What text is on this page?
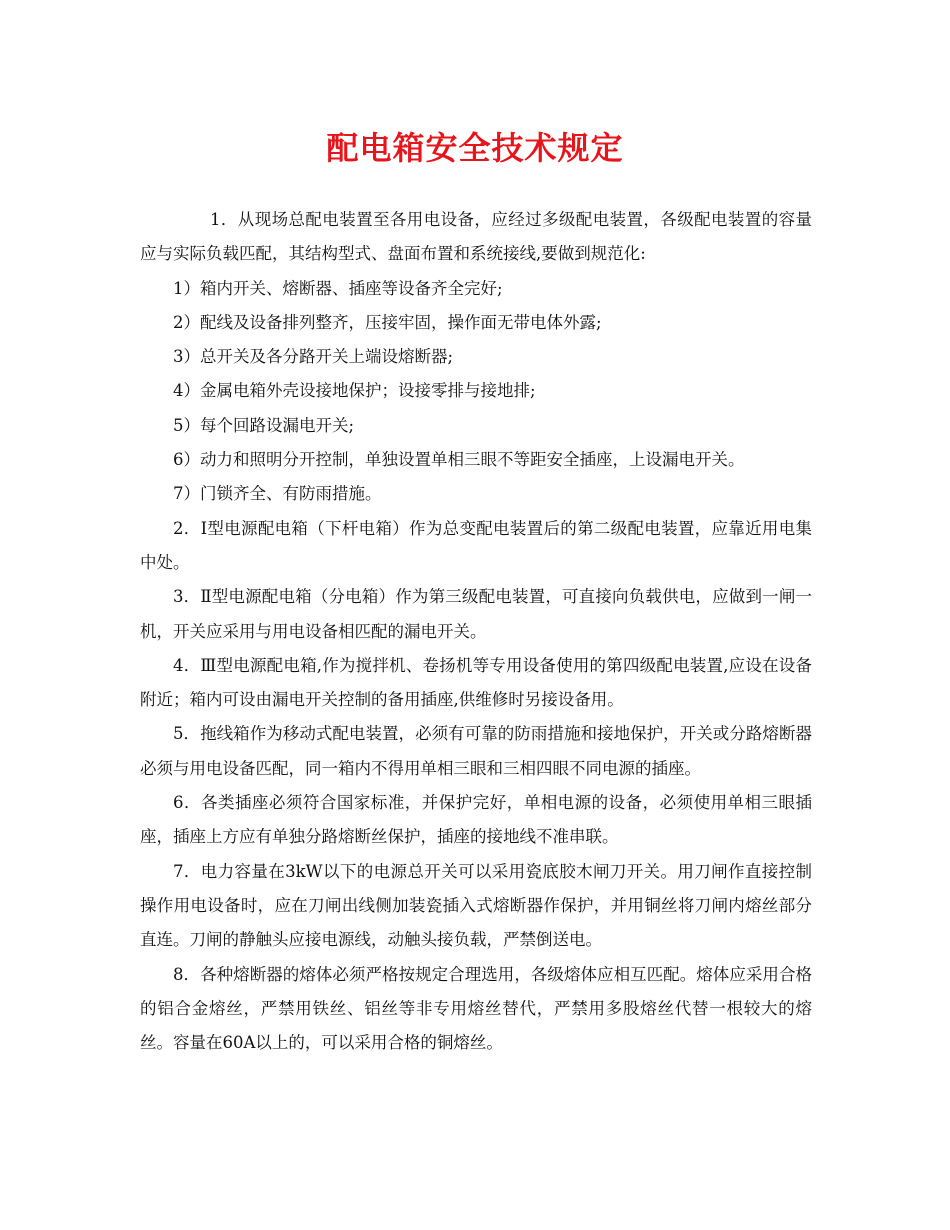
配电箱安全技术规定

1．从现场总配电装置至各用电设备，应经过多级配电装置，各级配电装置的容量应与实际负载匹配，其结构型式、盘面布置和系统接线,要做到规范化:

1）箱内开关、熔断器、插座等设备齐全完好;

2）配线及设备排列整齐，压接牢固，操作面无带电体外露;

3）总开关及各分路开关上端设熔断器;

4）金属电箱外壳设接地保护；设接零排与接地排;

5）每个回路设漏电开关;

6）动力和照明分开控制，单独设置单相三眼不等距安全插座，上设漏电开关。

7）门锁齐全、有防雨措施。

2．Ⅰ型电源配电箱（下杆电箱）作为总变配电装置后的第二级配电装置，应靠近用电集中处。

3．Ⅱ型电源配电箱（分电箱）作为第三级配电装置，可直接向负载供电，应做到一闸一机，开关应采用与用电设备相匹配的漏电开关。

4．Ⅲ型电源配电箱,作为搅拌机、卷扬机等专用设备使用的第四级配电装置,应设在设备附近；箱内可设由漏电开关控制的备用插座,供维修时另接设备用。

5．拖线箱作为移动式配电装置，必须有可靠的防雨措施和接地保护，开关或分路熔断器必须与用电设备匹配，同一箱内不得用单相三眼和三相四眼不同电源的插座。

6．各类插座必须符合国家标准，并保护完好，单相电源的设备，必须使用单相三眼插座，插座上方应有单独分路熔断丝保护，插座的接地线不准串联。

7．电力容量在3kW以下的电源总开关可以采用瓷底胶木闸刀开关。用刀闸作直接控制操作用电设备时，应在刀闸出线侧加装瓷插入式熔断器作保护，并用铜丝将刀闸内熔丝部分直连。刀闸的静触头应接电源线，动触头接负载，严禁倒送电。

8．各种熔断器的熔体必须严格按规定合理选用，各级熔体应相互匹配。熔体应采用合格的铝合金熔丝，严禁用铁丝、铝丝等非专用熔丝替代，严禁用多股熔丝代替一根较大的熔丝。容量在60A以上的，可以采用合格的铜熔丝。
